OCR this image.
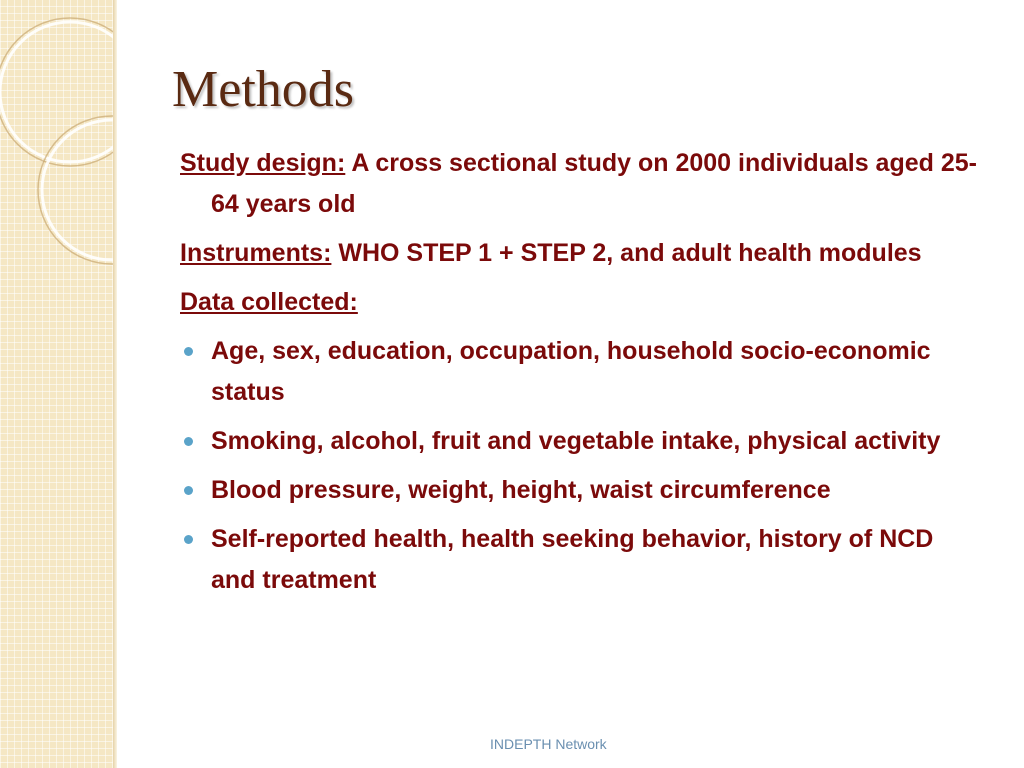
Methods

Study design: A cross sectional study on 2000 individuals aged 25-64 years old

Instruments: WHO STEP 1 + STEP 2, and adult health modules

Data collected:

Age, sex, education, occupation, household socio-economic status
Smoking, alcohol, fruit and vegetable intake, physical activity
Blood pressure, weight, height, waist circumference
Self-reported health, health seeking behavior, history of NCD and treatment
INDEPTH Network
